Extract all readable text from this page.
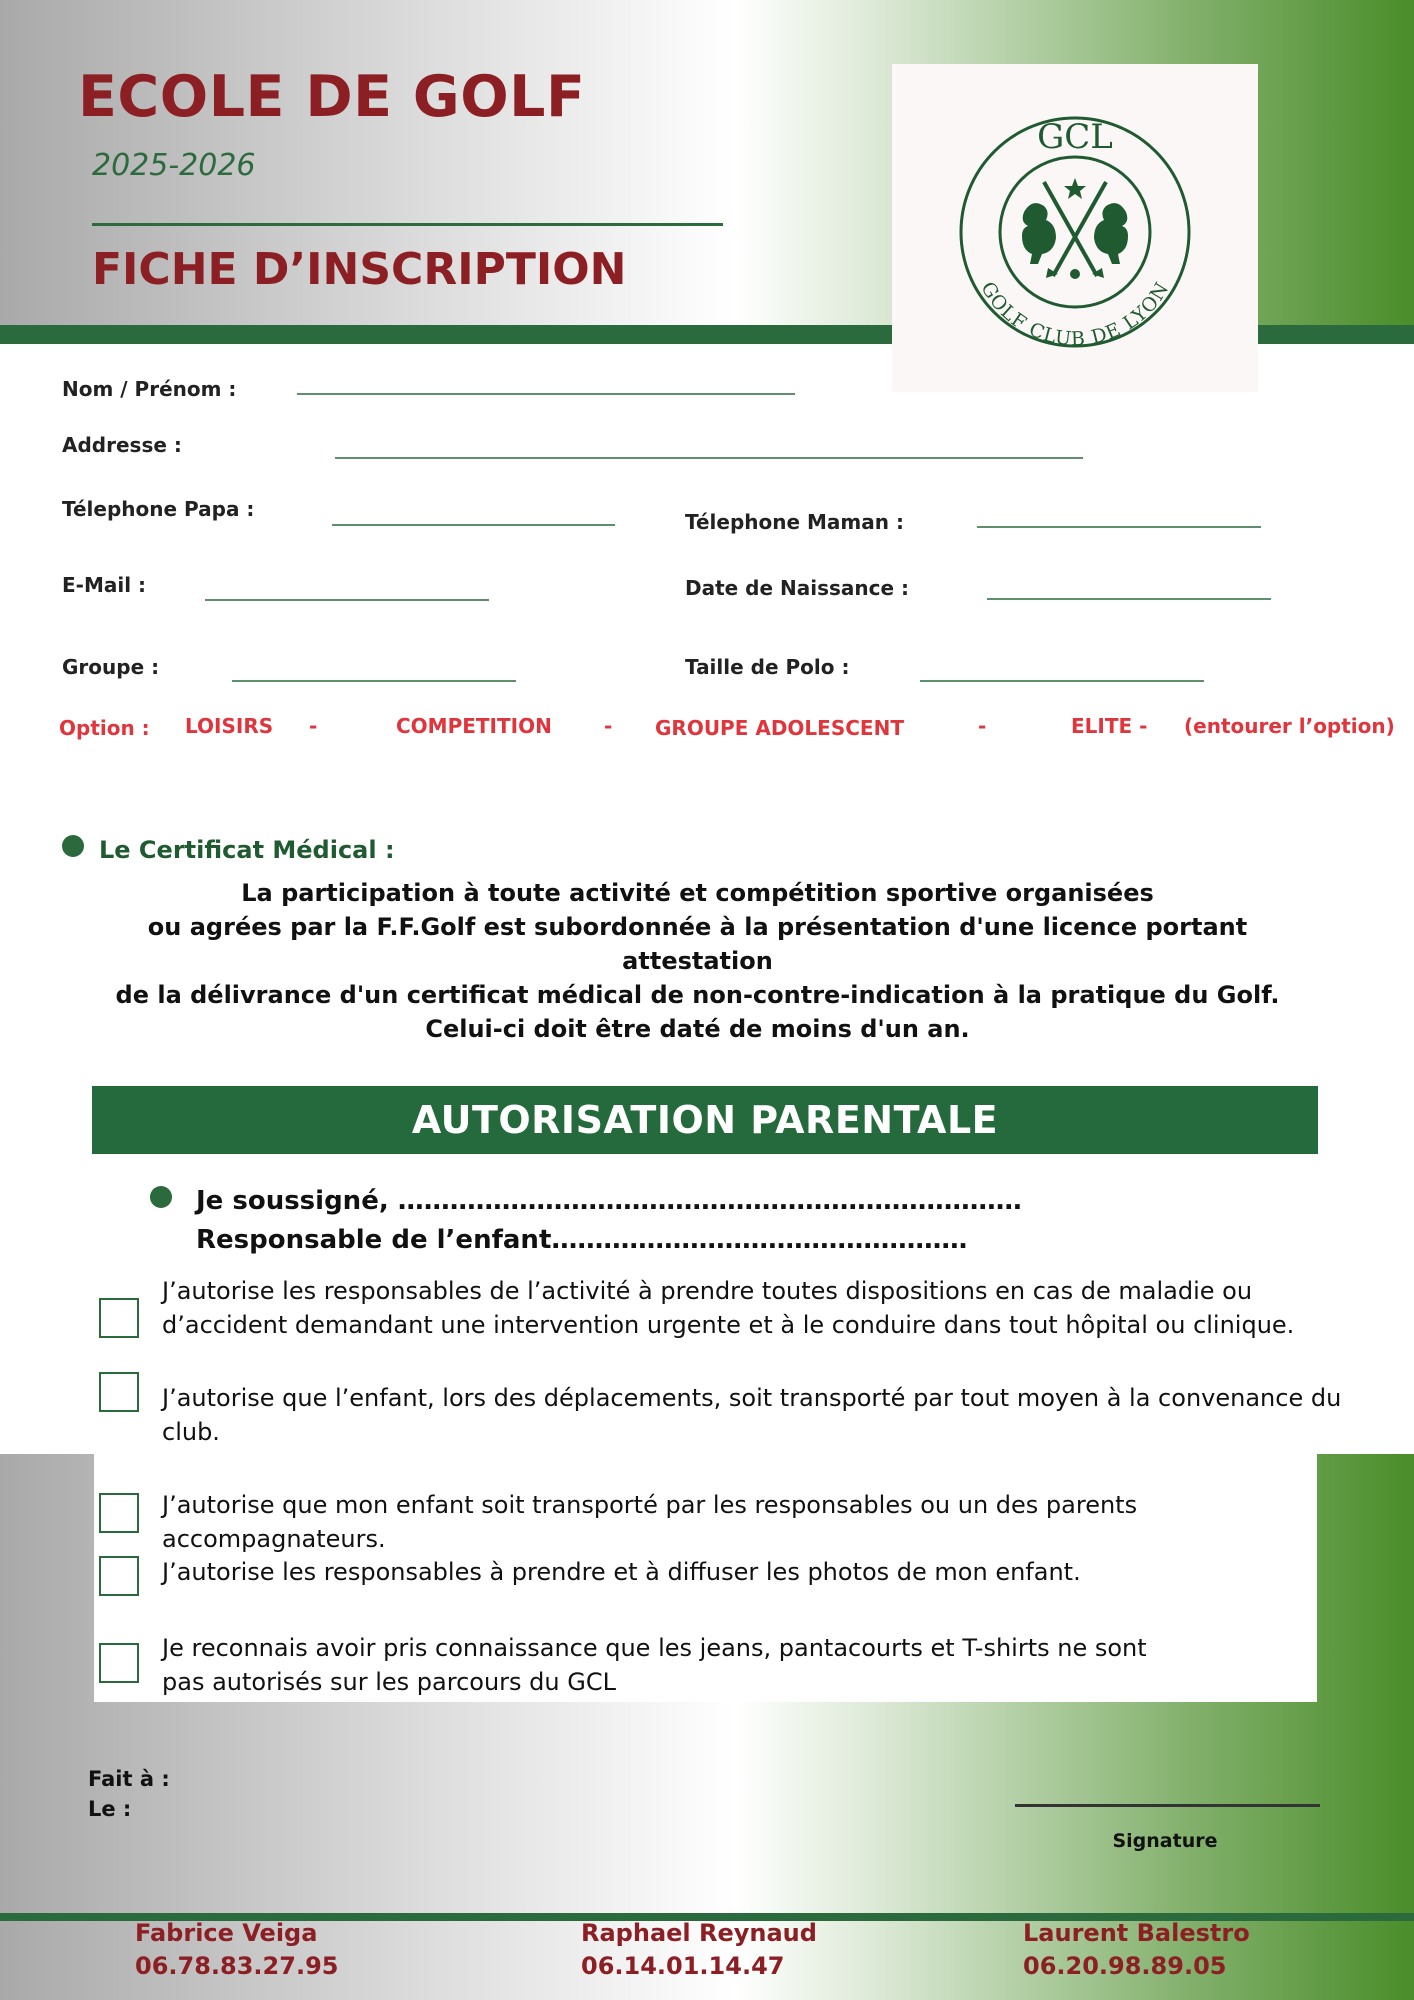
ECOLE DE GOLF
2025-2026
FICHE D’INSCRIPTION
GCL
GOLF CLUB DE LYON
Nom / Prénom :
Addresse :
Télephone Papa :
Télephone Maman :
E-Mail :	Date de Naissance :
Groupe :	Taille de Polo :
Option : LOISIRS -	COMPETITION	- GROUPE ADOLESCENT	-	ELITE - (entourer l’option)
Le Certificat Médical :
La participation à toute activité et compétition sportive organisées
ou agrées par la F.F.Golf est subordonnée à la présentation d'une licence portant
attestation
de la délivrance d'un certificat médical de non-contre-indication à la pratique du Golf.
Celui-ci doit être daté de moins d'un an.
AUTORISATION PARENTALE
Je soussigné, ………………………………………………………………
Responsable de l’enfant…………………………………………
J’autorise les responsables de l’activité à prendre toutes dispositions en cas de maladie ou
d’accident demandant une intervention urgente et à le conduire dans tout hôpital ou clinique.
J’autorise que l’enfant, lors des déplacements, soit transporté par tout moyen à la convenance du
club.
J’autorise que mon enfant soit transporté par les responsables ou un des parents
accompagnateurs.
J’autorise les responsables à prendre et à diffuser les photos de mon enfant.
Je reconnais avoir pris connaissance que les jeans, pantacourts et T-shirts ne sont
pas autorisés sur les parcours du GCL
Fait à :
Le :
Signature
Fabrice Veiga
06.78.83.27.95
Raphael Reynaud
06.14.01.14.47
Laurent Balestro
06.20.98.89.05
